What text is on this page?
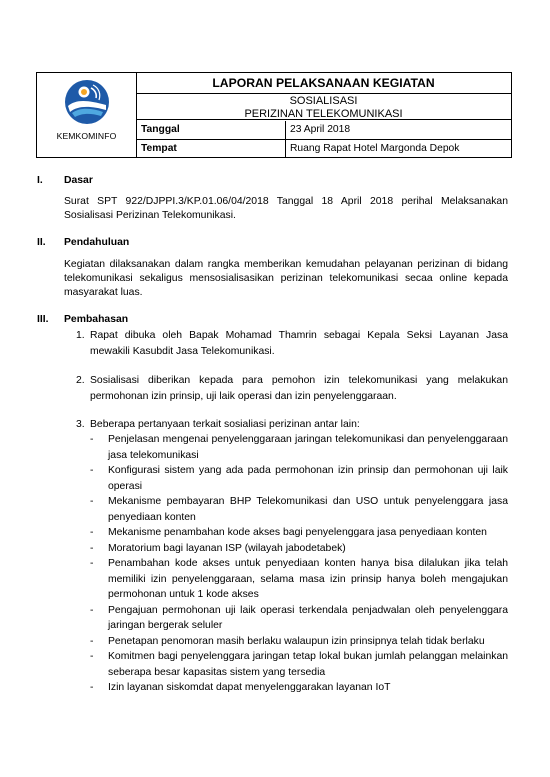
KEMKOMINFO
LAPORAN PELAKSANAAN KEGIATAN
SOSIALISASI
PERIZINAN TELEKOMUNIKASI
Tanggal	23 April 2018
Tempat	Ruang Rapat Hotel Margonda Depok
I. Dasar
Surat SPT 922/DJPPI.3/KP.01.06/04/2018 Tanggal 18 April 2018 perihal Melaksanakan Sosialisasi Perizinan Telekomunikasi.
II. Pendahuluan
Kegiatan dilaksanakan dalam rangka memberikan kemudahan pelayanan perizinan di bidang telekomunikasi sekaligus mensosialisasikan perizinan telekomunikasi secaa online kepada masyarakat luas.
III. Pembahasan
1. Rapat dibuka oleh Bapak Mohamad Thamrin sebagai Kepala Seksi Layanan Jasa mewakili Kasubdit Jasa Telekomunikasi.
2. Sosialisasi diberikan kepada para pemohon izin telekomunikasi yang melakukan permohonan izin prinsip, uji laik operasi dan izin penyelenggaraan.
3. Beberapa pertanyaan terkait sosialiasi perizinan antar lain:
- Penjelasan mengenai penyelenggaraan jaringan telekomunikasi dan penyelenggaraan jasa telekomunikasi
- Konfigurasi sistem yang ada pada permohonan izin prinsip dan permohonan uji laik operasi
- Mekanisme pembayaran BHP Telekomunikasi dan USO untuk penyelenggara jasa penyediaan konten
- Mekanisme penambahan kode akses bagi penyelenggara jasa penyediaan konten
- Moratorium bagi layanan ISP (wilayah jabodetabek)
- Penambahan kode akses untuk penyediaan konten hanya bisa dilalukan jika telah memiliki izin penyelenggaraan, selama masa izin prinsip hanya boleh mengajukan permohonan untuk 1 kode akses
- Pengajuan permohonan uji laik operasi terkendala penjadwalan oleh penyelenggara jaringan bergerak seluler
- Penetapan penomoran masih berlaku walaupun izin prinsipnya telah tidak berlaku
- Komitmen bagi penyelenggara jaringan tetap lokal bukan jumlah pelanggan melainkan seberapa besar kapasitas sistem yang tersedia
- Izin layanan siskomdat dapat menyelenggarakan layanan IoT
